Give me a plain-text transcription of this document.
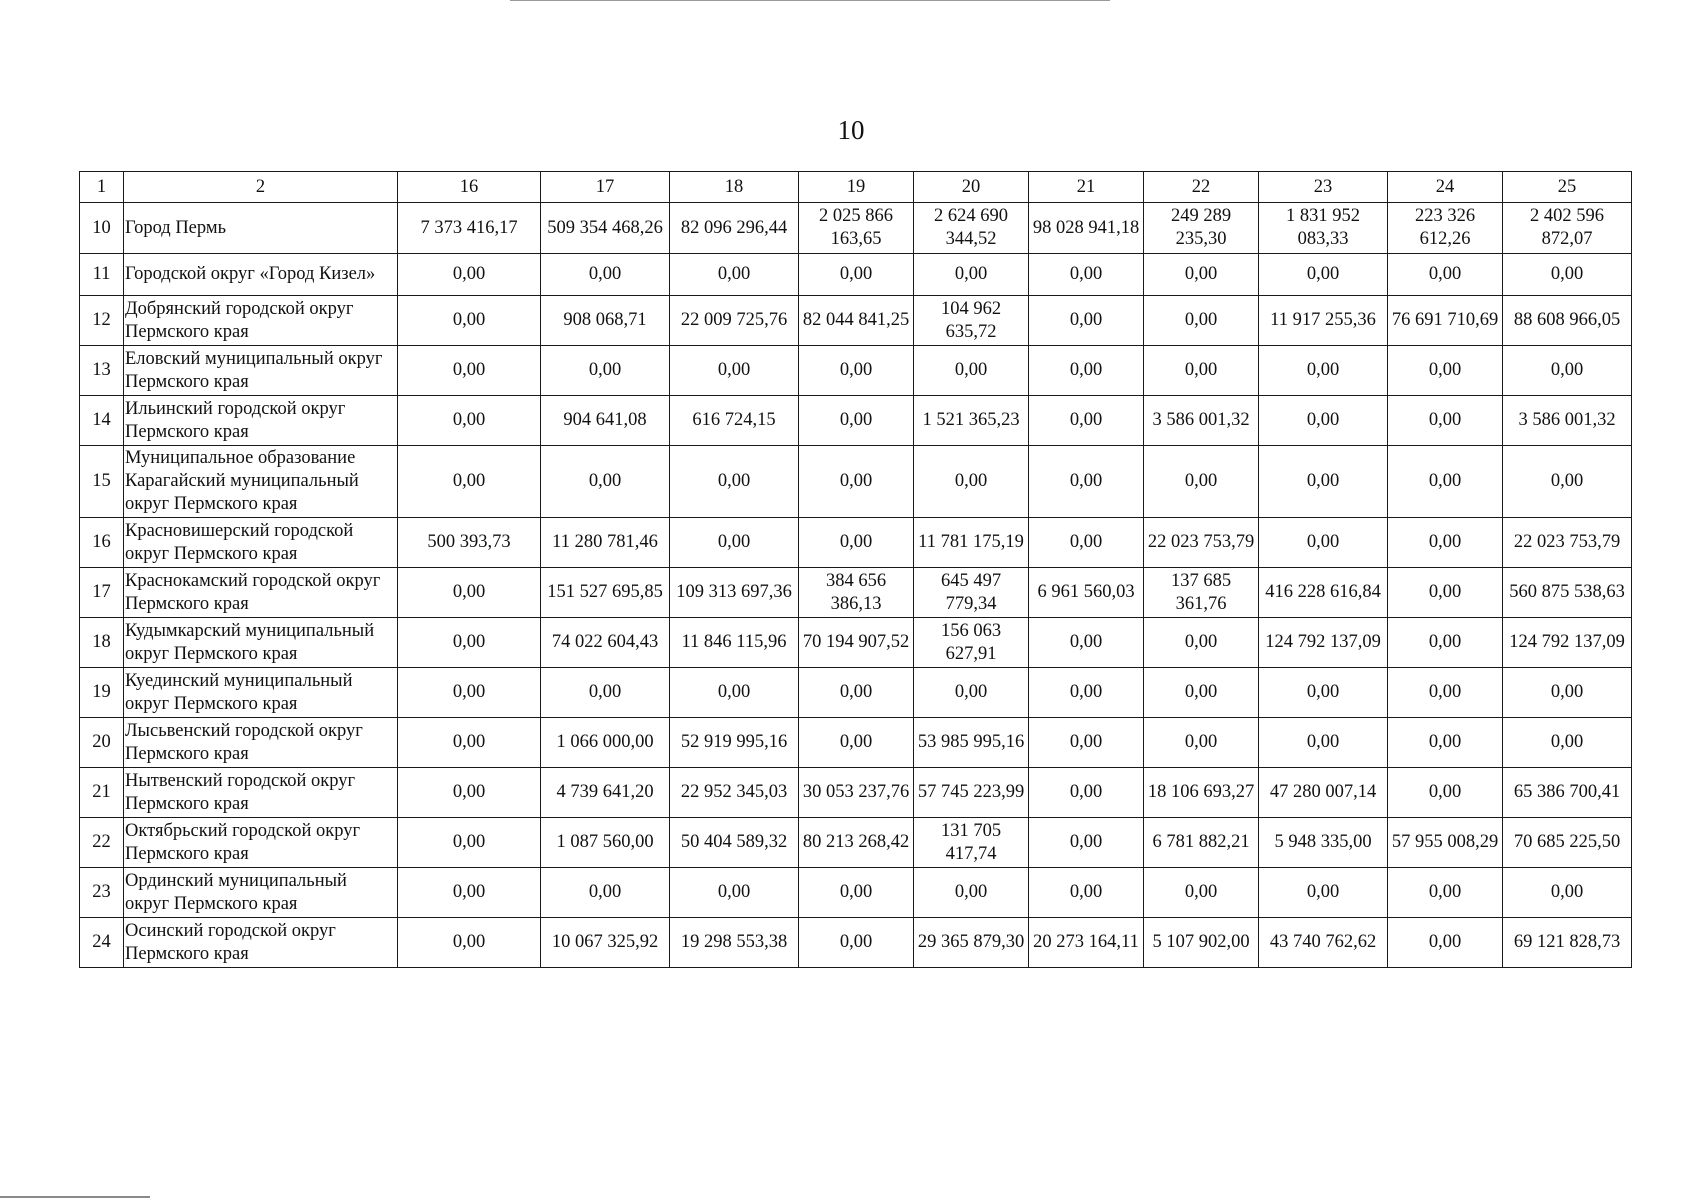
10
1	2	16	17	18	19	20	21	22	23	24	25
10	Город Пермь	7 373 416,17	509 354 468,26	82 096 296,44	2 025 866 163,65	2 624 690 344,52	98 028 941,18	249 289 235,30	1 831 952 083,33	223 326 612,26	2 402 596 872,07
11	Городской округ «Город Кизел»	0,00	0,00	0,00	0,00	0,00	0,00	0,00	0,00	0,00	0,00
12	Добрянский городской округ Пермского края	0,00	908 068,71	22 009 725,76	82 044 841,25	104 962 635,72	0,00	0,00	11 917 255,36	76 691 710,69	88 608 966,05
13	Еловский муниципальный округ Пермского края	0,00	0,00	0,00	0,00	0,00	0,00	0,00	0,00	0,00	0,00
14	Ильинский городской округ Пермского края	0,00	904 641,08	616 724,15	0,00	1 521 365,23	0,00	3 586 001,32	0,00	0,00	3 586 001,32
15	Муниципальное образование Карагайский муниципальный округ Пермского края	0,00	0,00	0,00	0,00	0,00	0,00	0,00	0,00	0,00	0,00
16	Красновишерский городской округ Пермского края	500 393,73	11 280 781,46	0,00	0,00	11 781 175,19	0,00	22 023 753,79	0,00	0,00	22 023 753,79
17	Краснокамский городской округ Пермского края	0,00	151 527 695,85	109 313 697,36	384 656 386,13	645 497 779,34	6 961 560,03	137 685 361,76	416 228 616,84	0,00	560 875 538,63
18	Кудымкарский муниципальный округ Пермского края	0,00	74 022 604,43	11 846 115,96	70 194 907,52	156 063 627,91	0,00	0,00	124 792 137,09	0,00	124 792 137,09
19	Куединский муниципальный округ Пермского края	0,00	0,00	0,00	0,00	0,00	0,00	0,00	0,00	0,00	0,00
20	Лысьвенский городской округ Пермского края	0,00	1 066 000,00	52 919 995,16	0,00	53 985 995,16	0,00	0,00	0,00	0,00	0,00
21	Нытвенский городской округ Пермского края	0,00	4 739 641,20	22 952 345,03	30 053 237,76	57 745 223,99	0,00	18 106 693,27	47 280 007,14	0,00	65 386 700,41
22	Октябрьский городской округ Пермского края	0,00	1 087 560,00	50 404 589,32	80 213 268,42	131 705 417,74	0,00	6 781 882,21	5 948 335,00	57 955 008,29	70 685 225,50
23	Ординский муниципальный округ Пермского края	0,00	0,00	0,00	0,00	0,00	0,00	0,00	0,00	0,00	0,00
24	Осинский городской округ Пермского края	0,00	10 067 325,92	19 298 553,38	0,00	29 365 879,30	20 273 164,11	5 107 902,00	43 740 762,62	0,00	69 121 828,73
